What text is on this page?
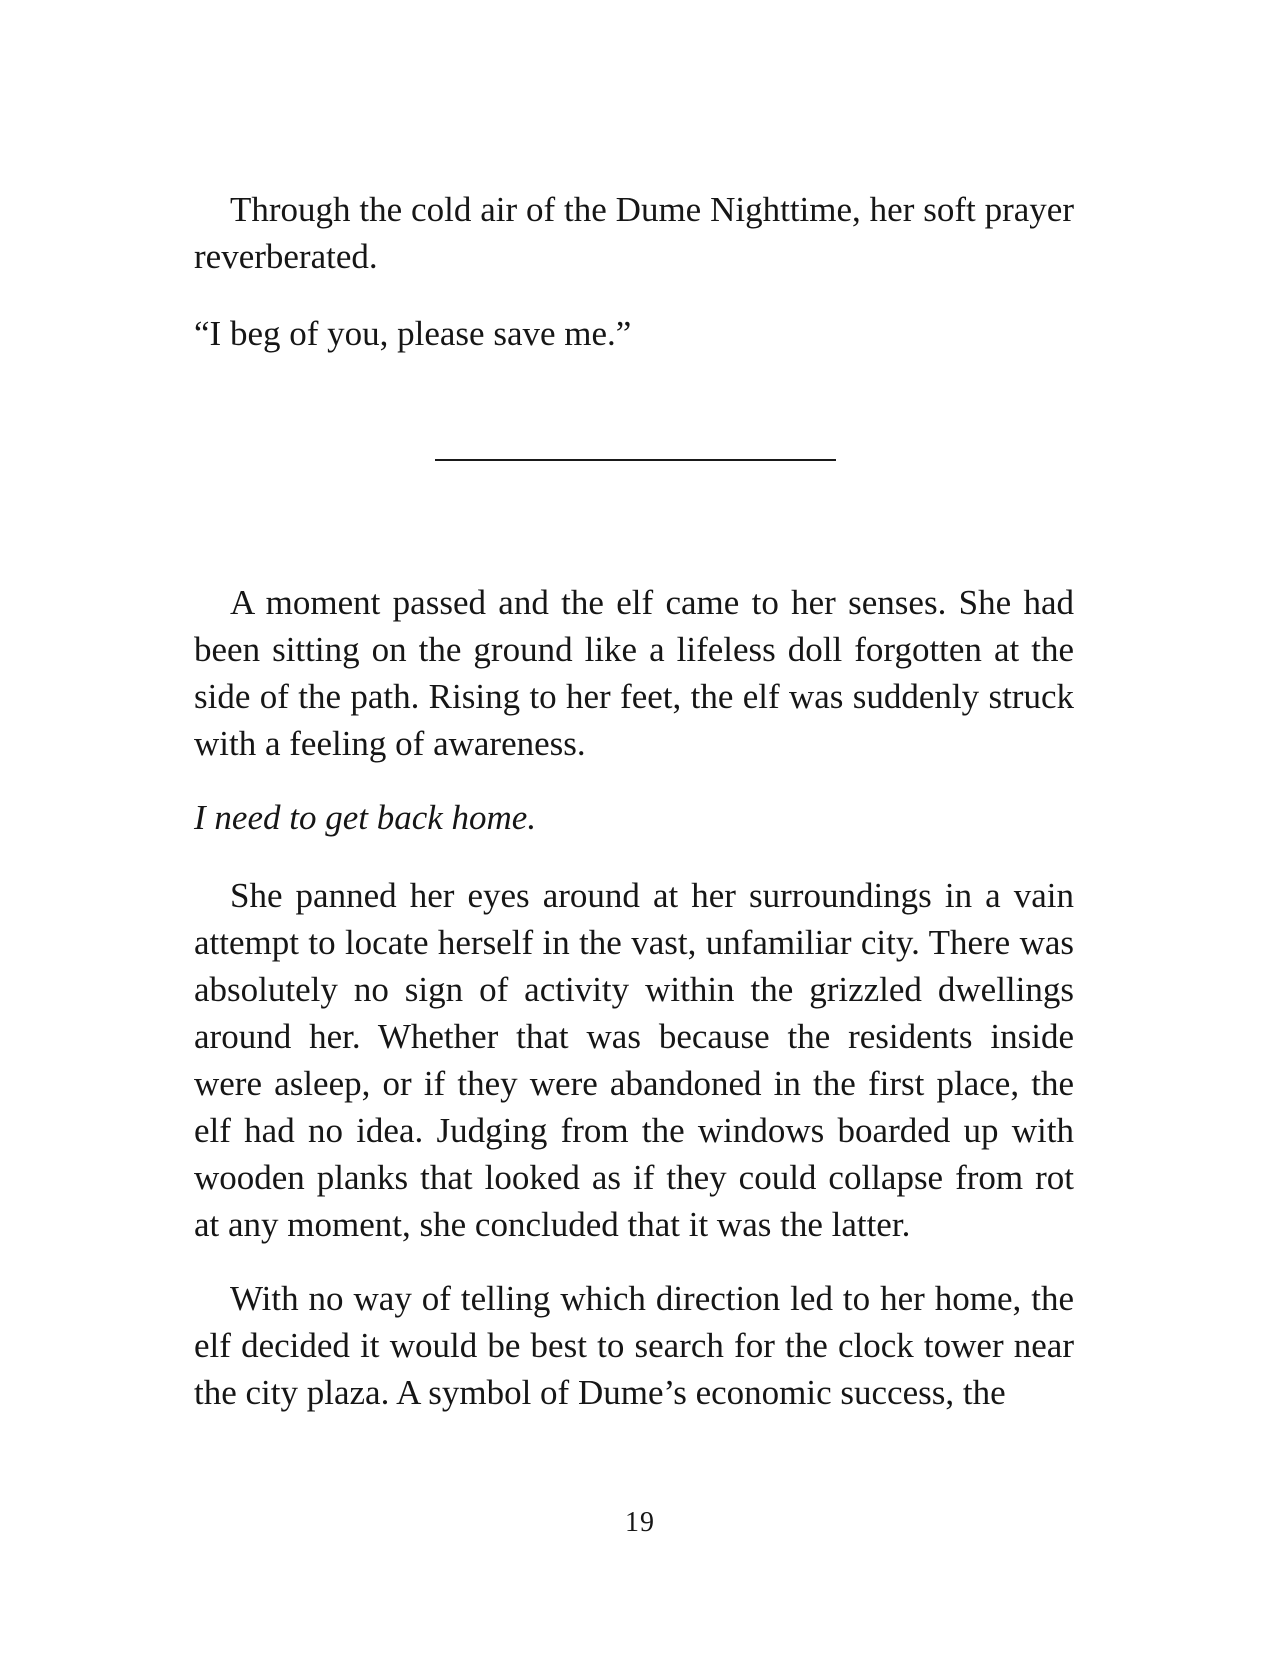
Through the cold air of the Dume Nighttime, her soft prayer reverberated.

“I beg of you, please save me.”

A moment passed and the elf came to her senses. She had been sitting on the ground like a lifeless doll forgotten at the side of the path. Rising to her feet, the elf was suddenly struck with a feeling of awareness.

I need to get back home.

She panned her eyes around at her surroundings in a vain attempt to locate herself in the vast, unfamiliar city. There was absolutely no sign of activity within the grizzled dwellings around her. Whether that was because the residents inside were asleep, or if they were abandoned in the first place, the elf had no idea. Judging from the windows boarded up with wooden planks that looked as if they could collapse from rot at any moment, she concluded that it was the latter.

With no way of telling which direction led to her home, the elf decided it would be best to search for the clock tower near the city plaza. A symbol of Dume’s economic success, the

19
